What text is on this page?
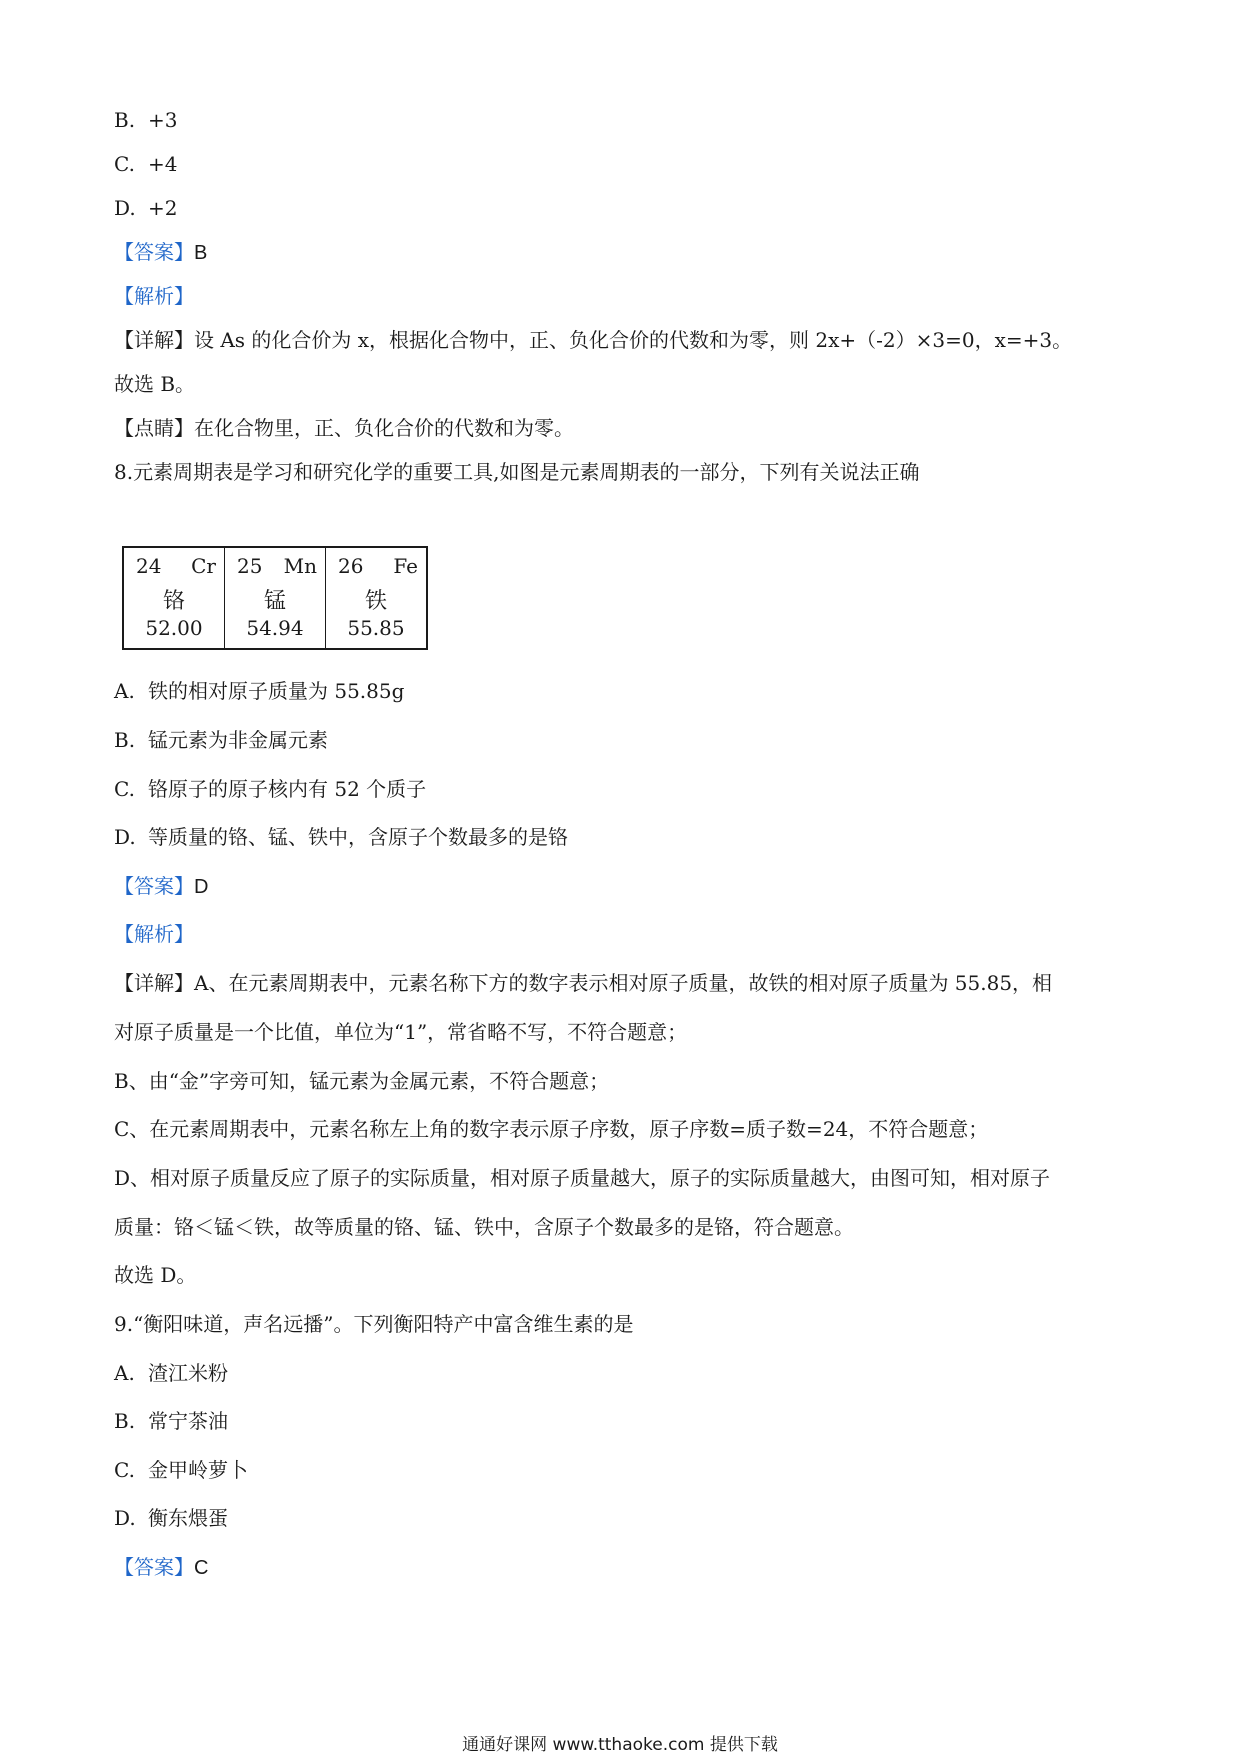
B. +3
C. +4
D. +2
【答案】B
【解析】
【详解】设 As 的化合价为 x，根据化合物中，正、负化合价的代数和为零，则 2x+（-2）×3=0，x=+3。
故选 B。
【点睛】在化合物里，正、负化合价的代数和为零。
8.元素周期表是学习和研究化学的重要工具,如图是元素周期表的一部分，下列有关说法正确
24 Cr
铬
52.00

25 Mn
锰
54.94

26 Fe
铁
55.85
A. 铁的相对原子质量为 55.85g
B. 锰元素为非金属元素
C. 铬原子的原子核内有 52 个质子
D. 等质量的铬、锰、铁中，含原子个数最多的是铬
【答案】D
【解析】
【详解】A、在元素周期表中，元素名称下方的数字表示相对原子质量，故铁的相对原子质量为 55.85，相
对原子质量是一个比值，单位为“1”，常省略不写，不符合题意；
B、由“金”字旁可知，锰元素为金属元素，不符合题意；
C、在元素周期表中，元素名称左上角的数字表示原子序数，原子序数=质子数=24，不符合题意；
D、相对原子质量反应了原子的实际质量，相对原子质量越大，原子的实际质量越大，由图可知，相对原子
质量：铬＜锰＜铁，故等质量的铬、锰、铁中，含原子个数最多的是铬，符合题意。
故选 D。
9.“衡阳味道，声名远播”。下列衡阳特产中富含维生素的是
A. 渣江米粉
B. 常宁茶油
C. 金甲岭萝卜
D. 衡东煨蛋
【答案】C
通通好课网 www.tthaoke.com 提供下载
